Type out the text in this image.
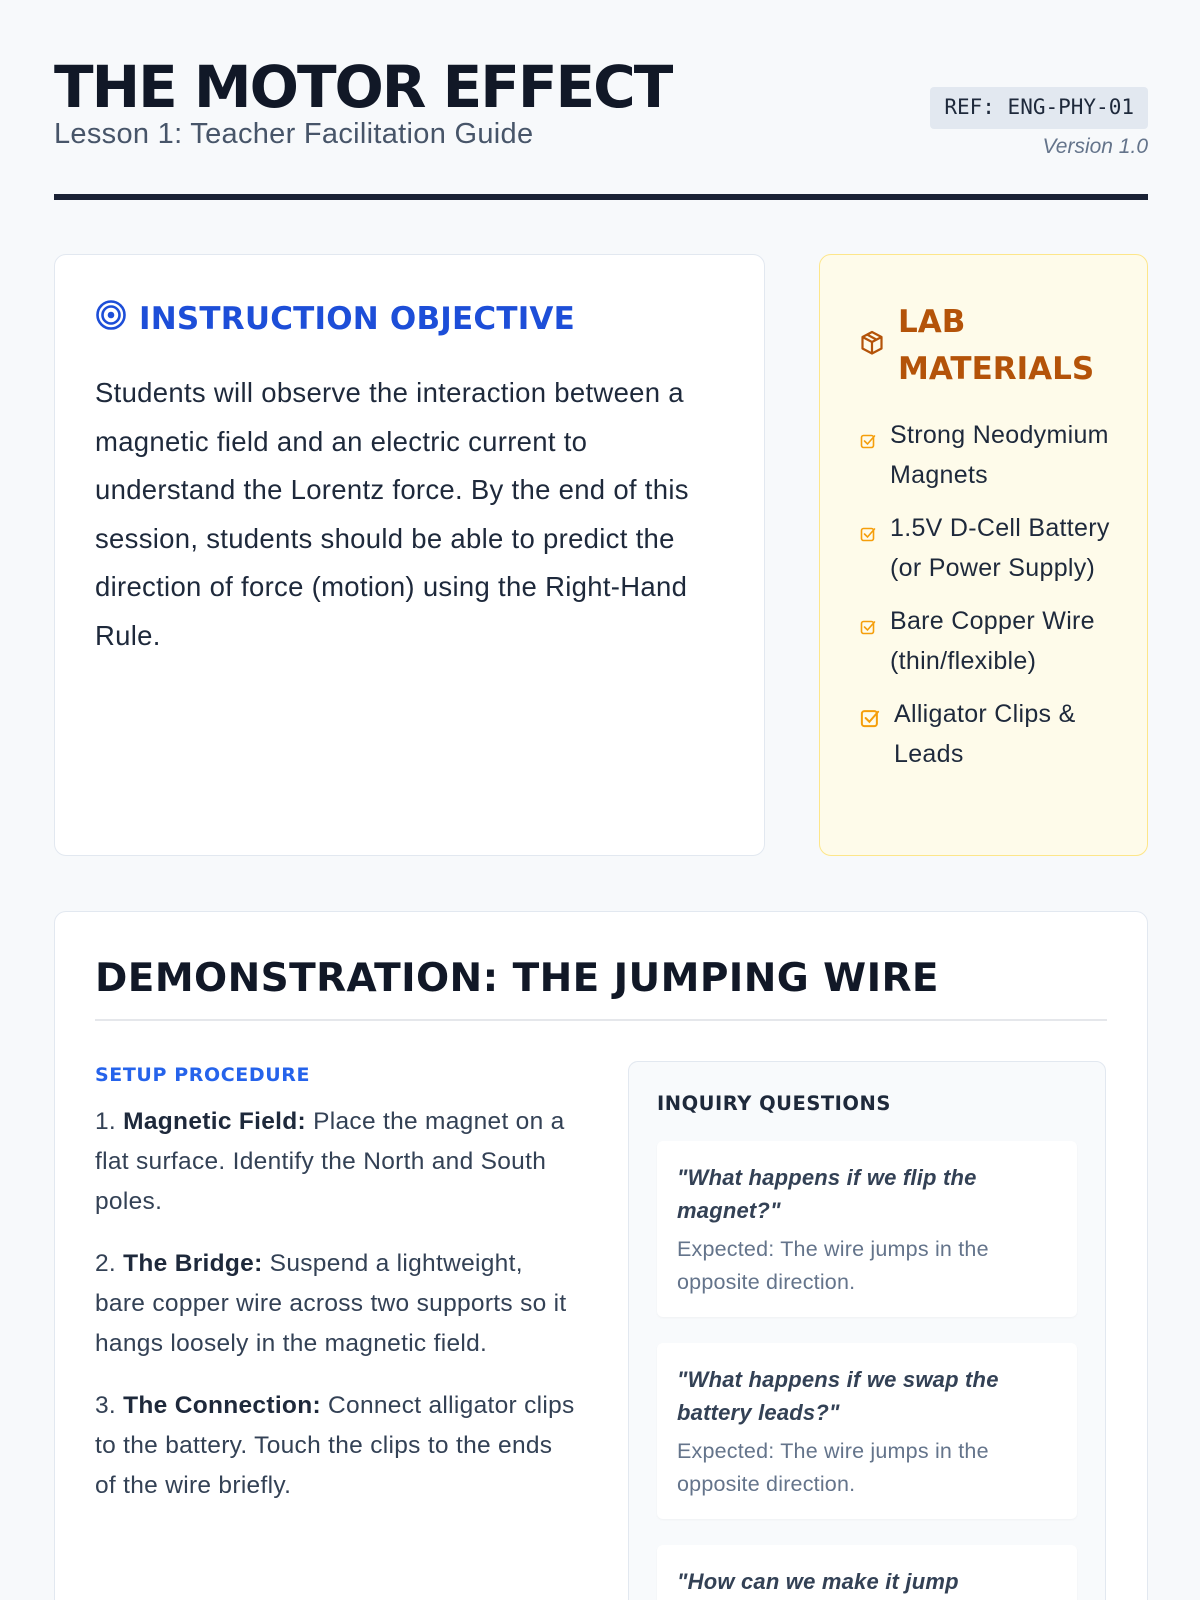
THE MOTOR EFFECT
Lesson 1: Teacher Facilitation Guide
REF: ENG-PHY-01
Version 1.0
INSTRUCTION OBJECTIVE
Students will observe the interaction between a magnetic field and an electric current to understand the Lorentz force. By the end of this session, students should be able to predict the direction of force (motion) using the Right-Hand Rule.
LAB MATERIALS
Strong Neodymium Magnets
1.5V D-Cell Battery (or Power Supply)
Bare Copper Wire (thin/flexible)
Alligator Clips & Leads
DEMONSTRATION: THE JUMPING WIRE
SETUP PROCEDURE

1. Magnetic Field: Place the magnet on a flat surface. Identify the North and South poles.

2. The Bridge: Suspend a lightweight, bare copper wire across two supports so it hangs loosely in the magnetic field.

3. The Connection: Connect alligator clips to the battery. Touch the clips to the ends of the wire briefly.

INQUIRY QUESTIONS
"What happens if we flip the magnet?"
Expected: The wire jumps in the opposite direction.
"What happens if we swap the battery leads?"
Expected: The wire jumps in the opposite direction.
"How can we make it jump
